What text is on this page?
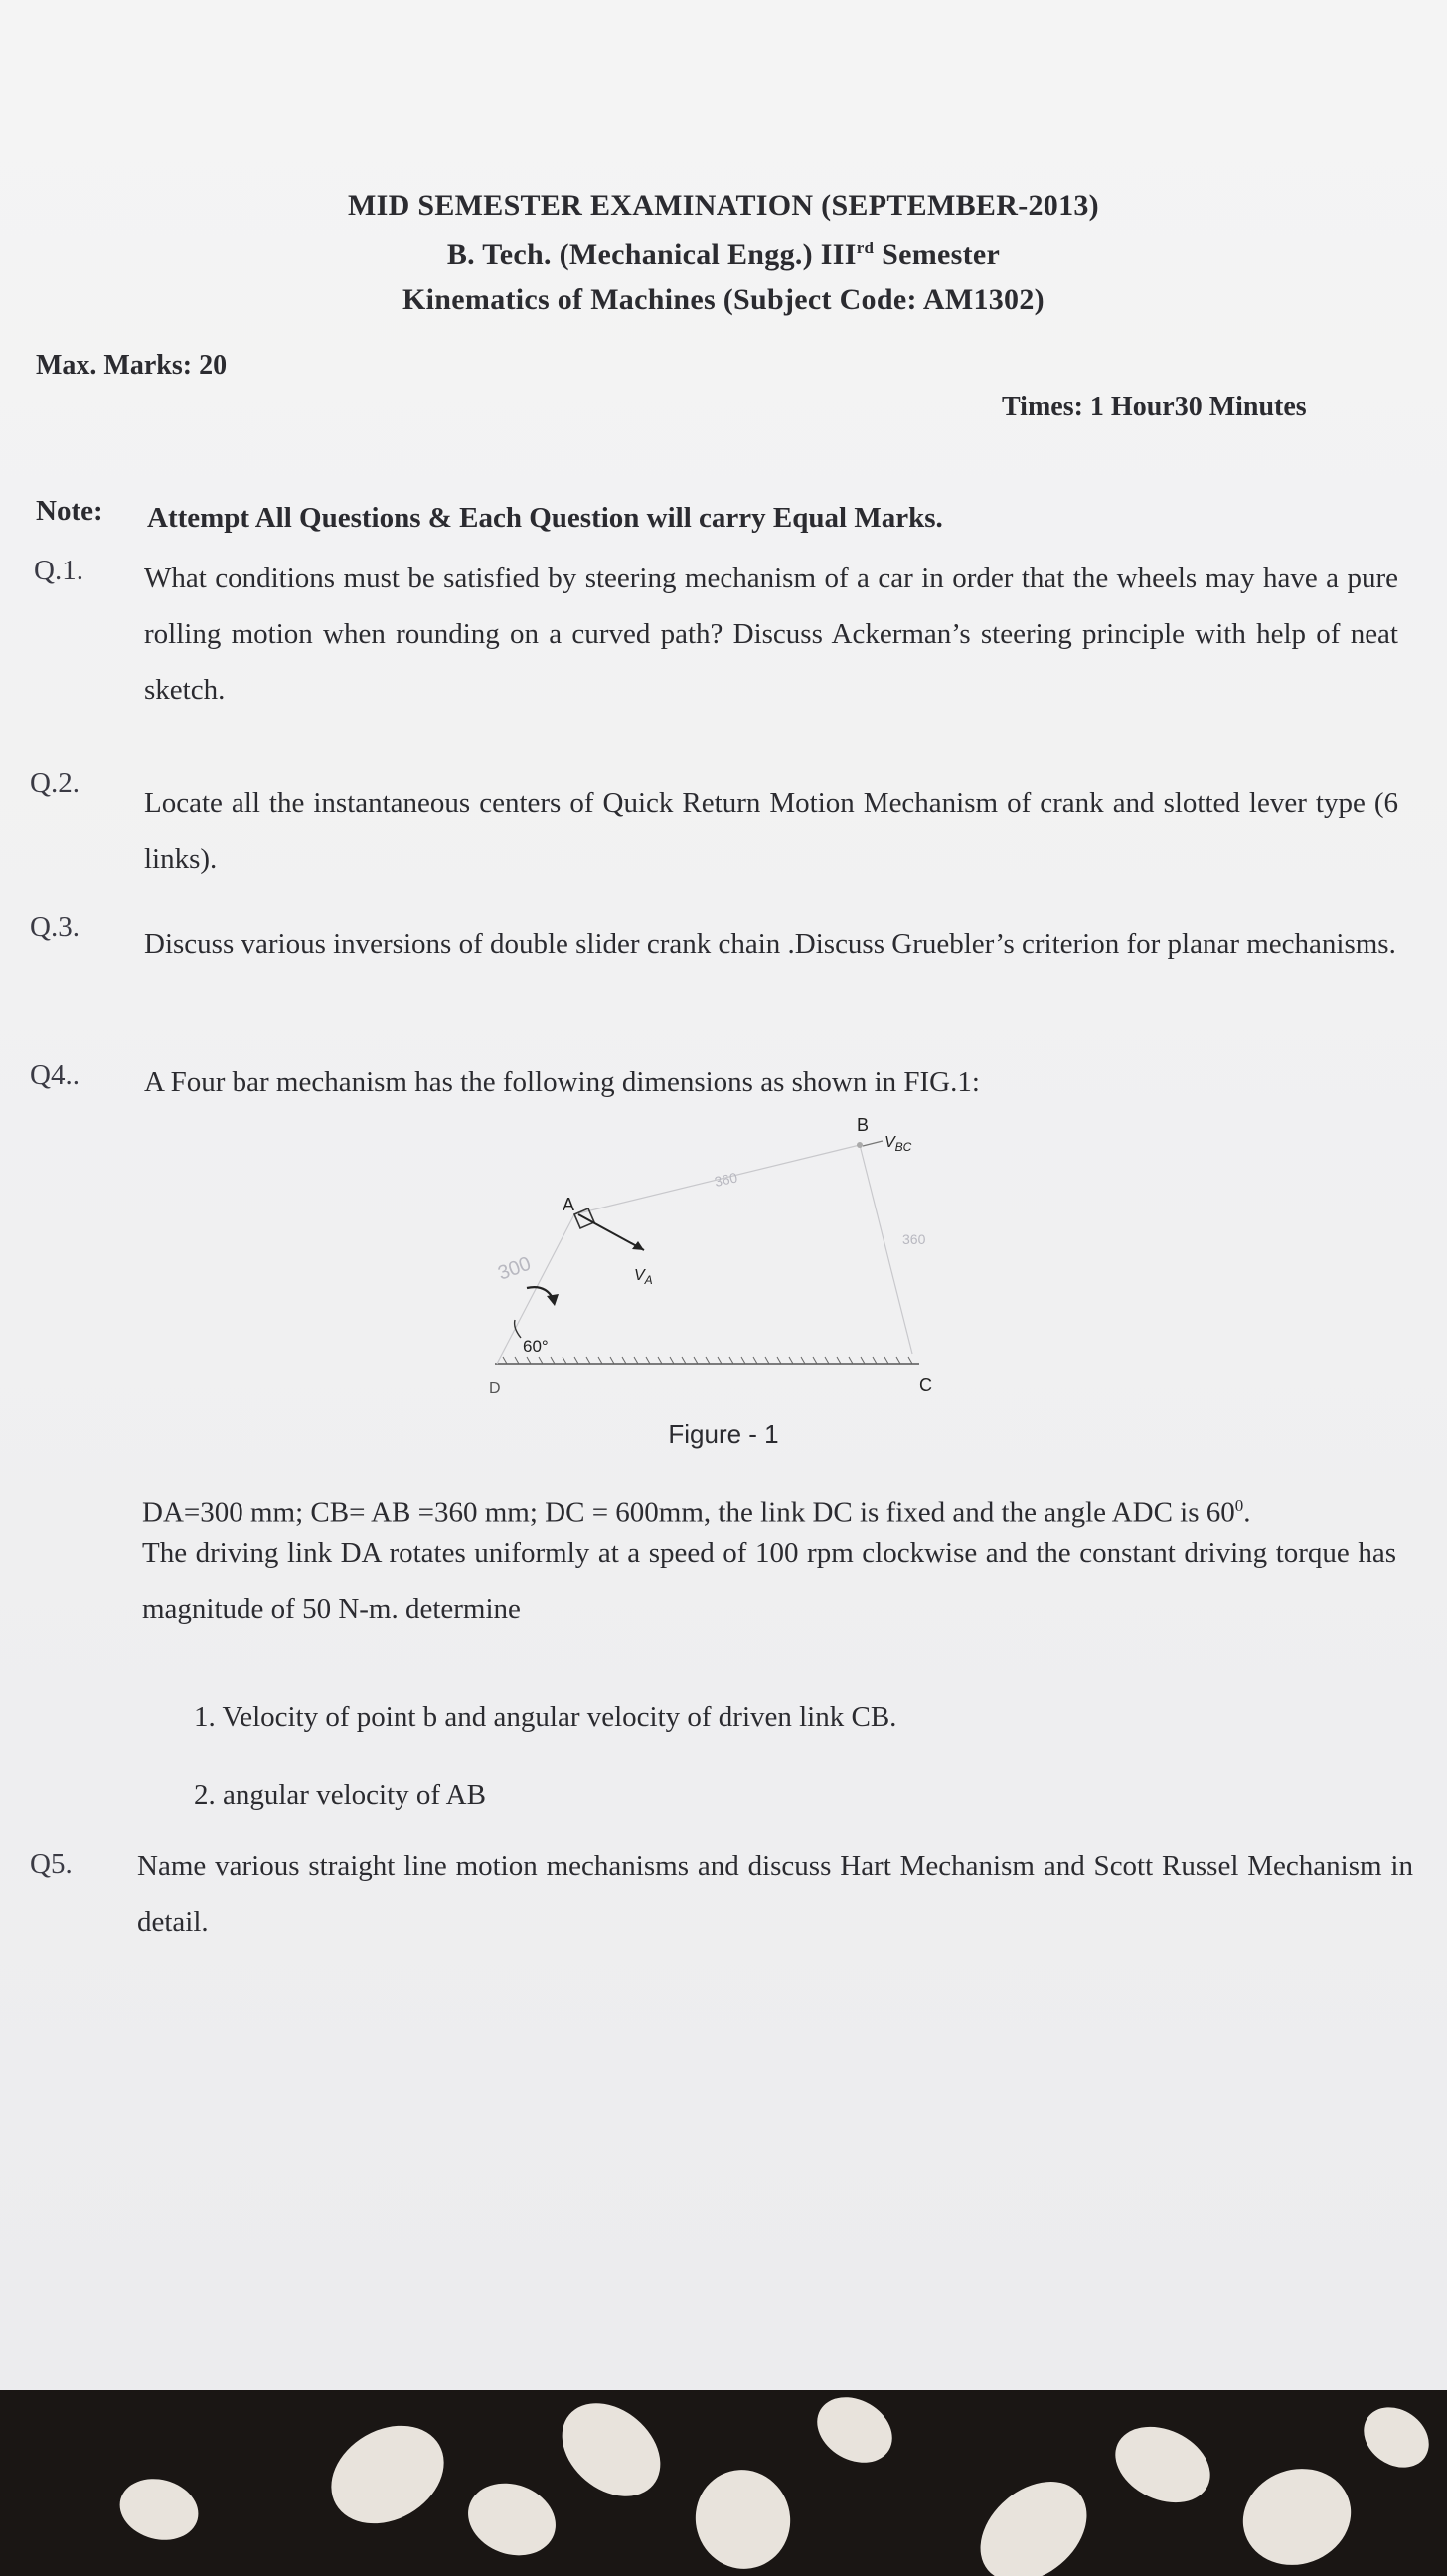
MID SEMESTER EXAMINATION (SEPTEMBER-2013)
B. Tech. (Mechanical Engg.) IIIrd Semester
Kinematics of Machines (Subject Code: AM1302)
Max. Marks: 20
Times: 1 Hour30 Minutes
Note: Attempt All Questions & Each Question will carry Equal Marks.
Q.1. What conditions must be satisfied by steering mechanism of a car in order that the wheels may have a pure rolling motion when rounding on a curved path? Discuss Ackerman’s steering principle with help of neat sketch.
Q.2.
Locate all the instantaneous centers of Quick Return Motion Mechanism of crank and slotted lever type (6 links).
Q.3.
Discuss various inversions of double slider crank chain .Discuss Gruebler’s criterion for planar mechanisms.
Q4.. A Four bar mechanism has the following dimensions as shown in FIG.1:
B
$V_{BC}$
360
360
A
$V_A$
300
60°
C
D
Figure - 1
DA=300 mm; CB= AB =360 mm; DC = 600mm, the link DC is fixed and the angle ADC is $60^0$.
The driving link DA rotates uniformly at a speed of 100 rpm clockwise and the constant driving torque has magnitude of 50 N-m. determine
1. Velocity of point b and angular velocity of driven link CB.
2. angular velocity of AB
Q5. Name various straight line motion mechanisms and discuss Hart Mechanism and Scott Russel Mechanism in detail.
